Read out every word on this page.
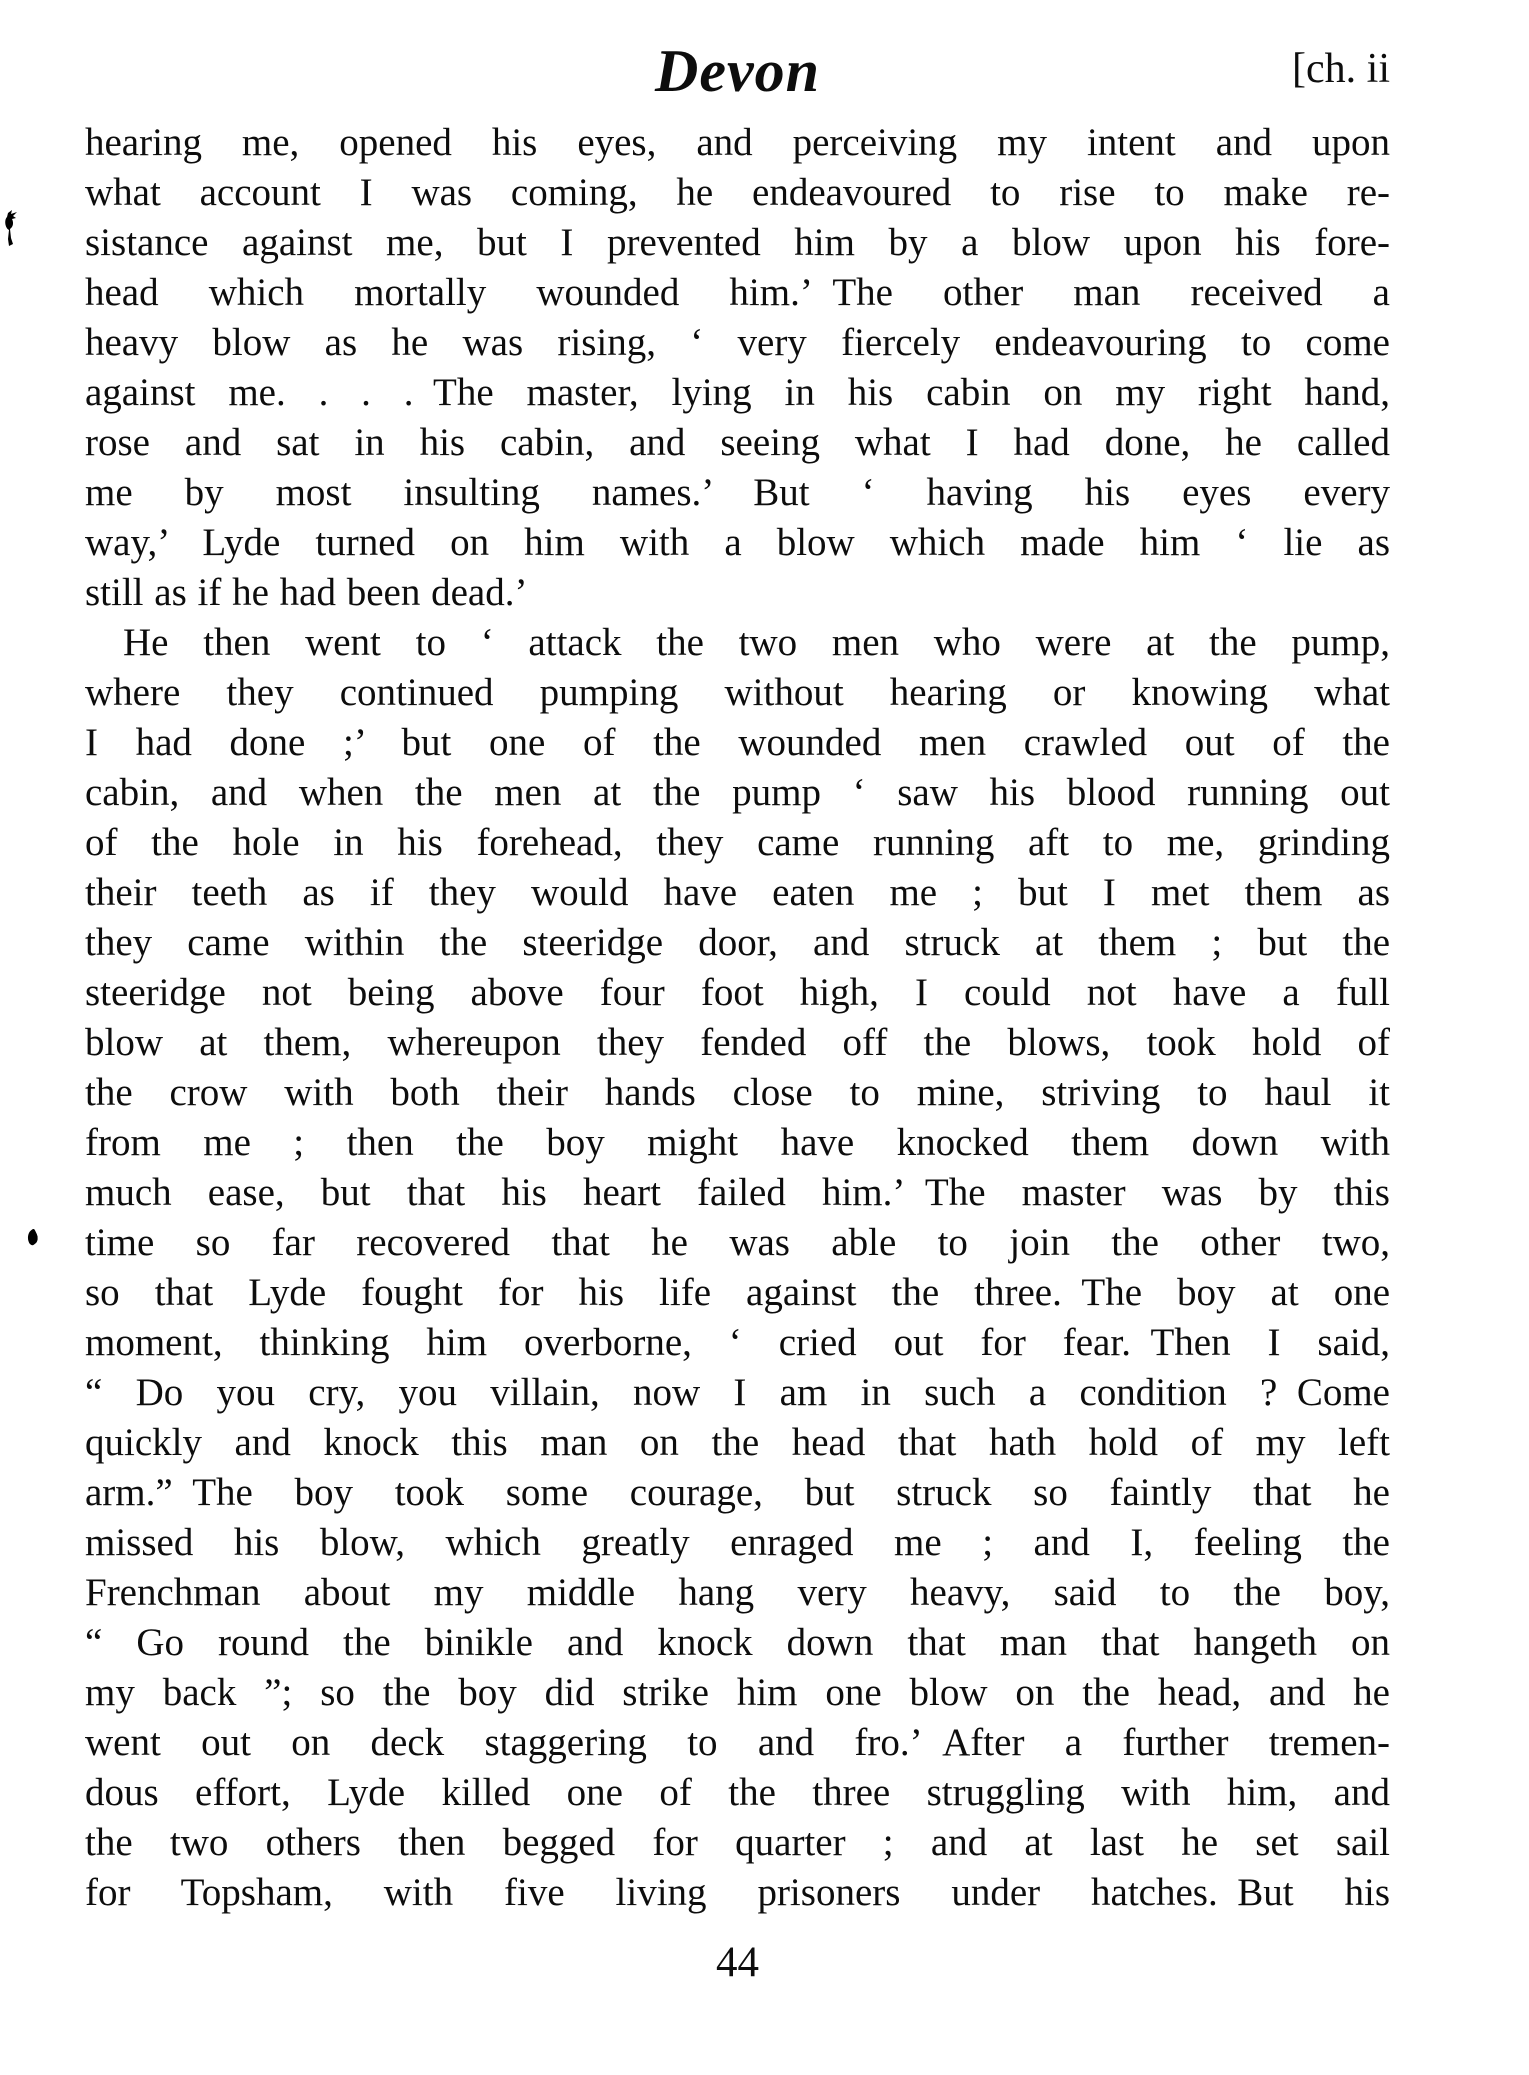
Devon	[ch. ii
hearing me, opened his eyes, and perceiving my intent and upon
what account I was coming, he endeavoured to rise to make re-
sistance against me, but I prevented him by a blow upon his fore-
head which mortally wounded him.’ The other man received a
heavy blow as he was rising, ‘ very fiercely endeavouring to come
against me. . . . The master, lying in his cabin on my right hand,
rose and sat in his cabin, and seeing what I had done, he called
me by most insulting names.’ But ‘ having his eyes every
way,’ Lyde turned on him with a blow which made him ‘ lie as
still as if he had been dead.’
He then went to ‘ attack the two men who were at the pump,
where they continued pumping without hearing or knowing what
I had done ;’ but one of the wounded men crawled out of the
cabin, and when the men at the pump ‘ saw his blood running out
of the hole in his forehead, they came running aft to me, grinding
their teeth as if they would have eaten me ; but I met them as
they came within the steeridge door, and struck at them ; but the
steeridge not being above four foot high, I could not have a full
blow at them, whereupon they fended off the blows, took hold of
the crow with both their hands close to mine, striving to haul it
from me ; then the boy might have knocked them down with
much ease, but that his heart failed him.’ The master was by this
time so far recovered that he was able to join the other two,
so that Lyde fought for his life against the three. The boy at one
moment, thinking him overborne, ‘ cried out for fear. Then I said,
“ Do you cry, you villain, now I am in such a condition ? Come
quickly and knock this man on the head that hath hold of my left
arm.” The boy took some courage, but struck so faintly that he
missed his blow, which greatly enraged me ; and I, feeling the
Frenchman about my middle hang very heavy, said to the boy,
“ Go round the binikle and knock down that man that hangeth on
my back ”; so the boy did strike him one blow on the head, and he
went out on deck staggering to and fro.’ After a further tremen-
dous effort, Lyde killed one of the three struggling with him, and
the two others then begged for quarter ; and at last he set sail
for Topsham, with five living prisoners under hatches. But his
44
